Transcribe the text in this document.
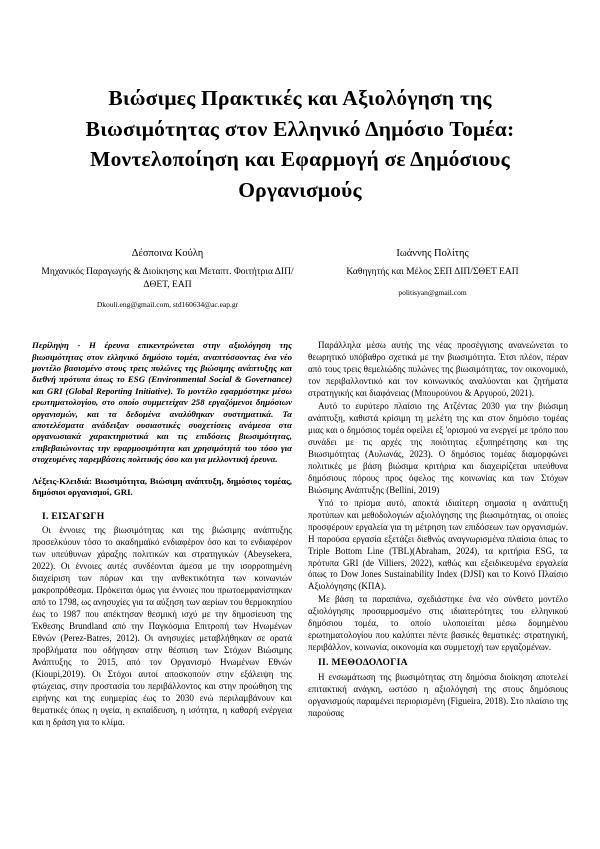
Βιώσιμες Πρακτικές και Αξιολόγηση της Βιωσιμότητας στον Ελληνικό Δημόσιο Τομέα: Μοντελοποίηση και Εφαρμογή σε Δημόσιους Οργανισμούς
Δέσποινα Κούλη
Μηχανικός Παραγωγής & Διοίκησης και Μεταπτ. Φοιτήτρια ΔΙΠ/ΔΘΕΤ, ΕΑΠ
Dkouli.eng@gmail.com, std160634@ac.eap.gr
Ιωάννης Πολίτης
Καθηγητής και Μέλος ΣΕΠ ΔΙΠ/ΣΘΕΤ ΕΑΠ
politisyan@gmail.com

Περίληψη - Η έρευνα επικεντρώνεται στην αξιολόγηση της βιωσιμότητας στον ελληνικό δημόσιο τομέα, αναπτύσσοντας ένα νέο μοντέλο βασισμένο στους τρεις πυλώνες της βιώσιμης ανάπτυξης και διεθνή πρότυπα όπως το ESG (Environmental Social & Governance) και GRI (Global Reporting Initiative). Το μοντέλο εφαρμόστηκε μέσω ερωτηματολογίου, στο οποίο συμμετείχαν 258 εργαζόμενοι δημόσιων οργανισμών, και τα δεδομένα αναλύθηκαν συστηματικά. Τα αποτελέσματα ανάδειξαν ουσιαστικές συσχετίσεις ανάμεσα στα οργανωσιακά χαρακτηριστικά και τις επιδόσεις βιωσιμότητας, επιβεβαιώνοντας την εφαρμοσιμότητα και χρησιμότητά του τόσο για στοχευμένες παρεμβάσεις πολιτικής όσο και για μελλοντική έρευνα.

Λέξεις-Κλειδιά: Βιωσιμότητα, Βιώσιμη ανάπτυξη, δημόσιος τομέας, δημόσιοι οργανισμοί, GRI.

I. ΕΙΣΑΓΩΓΗ

Οι έννοιες της βιωσιμότητας και της βιώσιμης ανάπτυξης προσελκύουν τόσο το ακαδημαϊκό ενδιαφέρον όσο και το ενδιαφέρον των υπεύθυνων χάραξης πολιτικών και στρατηγικών (Abeysekera, 2022). Οι έννοιες αυτές συνδέονται άμεσα με την ισορροπημένη διαχείριση των πόρων και την ανθεκτικότητα των κοινωνιών μακροπρόθεσμα. Πρόκειται όμως για έννοιες που πρωτοεμφανίστηκαν από το 1798, ως ανησυχίες για τα αύξηση των αερίων του θερμοκηπίου έως το 1987 που απέκτησαν θεσμική ισχύ με την δημοσίευση της Έκθεσης Brundland από την Παγκόσμια Επιτροπή των Ηνωμένων Εθνών (Perez-Batres, 2012). Οι ανησυχίες μεταβλήθηκαν σε ορατά προβλήματα που οδήγησαν στην θέσπιση των Στόχων Βιώσιμης Ανάπτυξης το 2015, από τον Οργανισμό Ηνωμένων Εθνών (Kioupi,2019). Οι Στόχοι αυτοί αποσκοπούν στην εξάλειψη της φτώχειας, στην προστασία του περιβάλλοντος και στην προώθηση της ειρήνης και της ευημερίας έως το 2030 ενώ περιλαμβάνουν και θεματικές όπως η υγεία, η εκπαίδευση, η ισότητα, η καθαρή ενέργεια και η δράση για το κλίμα.

Παράλληλα μέσω αυτής της νέας προσέγγισης ανανεώνεται το θεωρητικό υπόβαθρο σχετικά με την βιωσιμότητα. Έτσι πλέον, πέραν από τους τρεις θεμελιώδης πυλώνες της βιωσιμότητας, τον οικονομικό, τον περιβαλλοντικό και τον κοινωνικός αναλύονται και ζητήματα στρατηγικής και διαφάνειας (Μπουρούνου & Αργυρού, 2021).

Αυτό το ευρύτερο πλαίσιο της Ατζέντας 2030 για την βιώσιμη ανάπτυξη, καθιστά κρίσιμη τη μελέτη της και στον δημόσιο τομέας μιας και ο δημόσιος τομέα οφείλει εξ 'ορισμού να ενεργεί με τρόπο που συνάδει με τις αρχές της ποιότητας εξυπηρέτησης και της Βιωσιμότητας (Αυλωνάς, 2023). Ο δημόσιος τομέας διαμορφώνει πολιτικές με βάση βιώσιμα κριτήρια και διαχειρίζεται υπεύθυνα δημόσιους πόρους προς όφελος της κοινωνίας και των Στόχων Βιώσιμης Ανάπτυξης (Bellini, 2019)

Υπό το πρίσμα αυτό, αποκτά ιδιαίτερη σημασία η ανάπτυξη προτύπων και μεθοδολογιών αξιολόγησης της βιωσιμότητας, οι οποίες προσφέρουν εργαλεία για τη μέτρηση των επιδόσεων των οργανισμών. Η παρούσα εργασία εξετάζει διεθνώς αναγνωρισμένα πλαίσια όπως το Triple Bottom Line (TBL)(Abraham, 2024), τα κριτήρια ESG, τα πρότυπα GRI (de Villiers, 2022), καθώς και εξειδικευμένα εργαλεία όπως το Dow Jones Sustainability Index (DJSI) και το Κοινό Πλαίσιο Αξιολόγησης (ΚΠΑ).

Με βάση τα παραπάνω, σχεδιάστηκε ένα νέο σύνθετο μοντέλο αξιολόγησης προσαρμοσμένο στις ιδιαιτερότητες του ελληνικού δημόσιου τομέα, το οποίο υλοποιείται μέσω δομημένου ερωτηματολογίου που καλύπτει πέντε βασικές θεματικές: στρατηγική, περιβάλλον, κοινωνία, οικονομία και συμμετοχή των εργαζομένων.

II. ΜΕΘΟΔΟΛΟΓΙΑ

Η ενσωμάτωση της βιωσιμότητας στη δημόσια διοίκηση αποτελεί επιτακτική ανάγκη, ωστόσο η αξιολόγησή της στους δημόσιους οργανισμούς παραμένει περιορισμένη (Figueira, 2018). Στο πλαίσιο της παρούσας
